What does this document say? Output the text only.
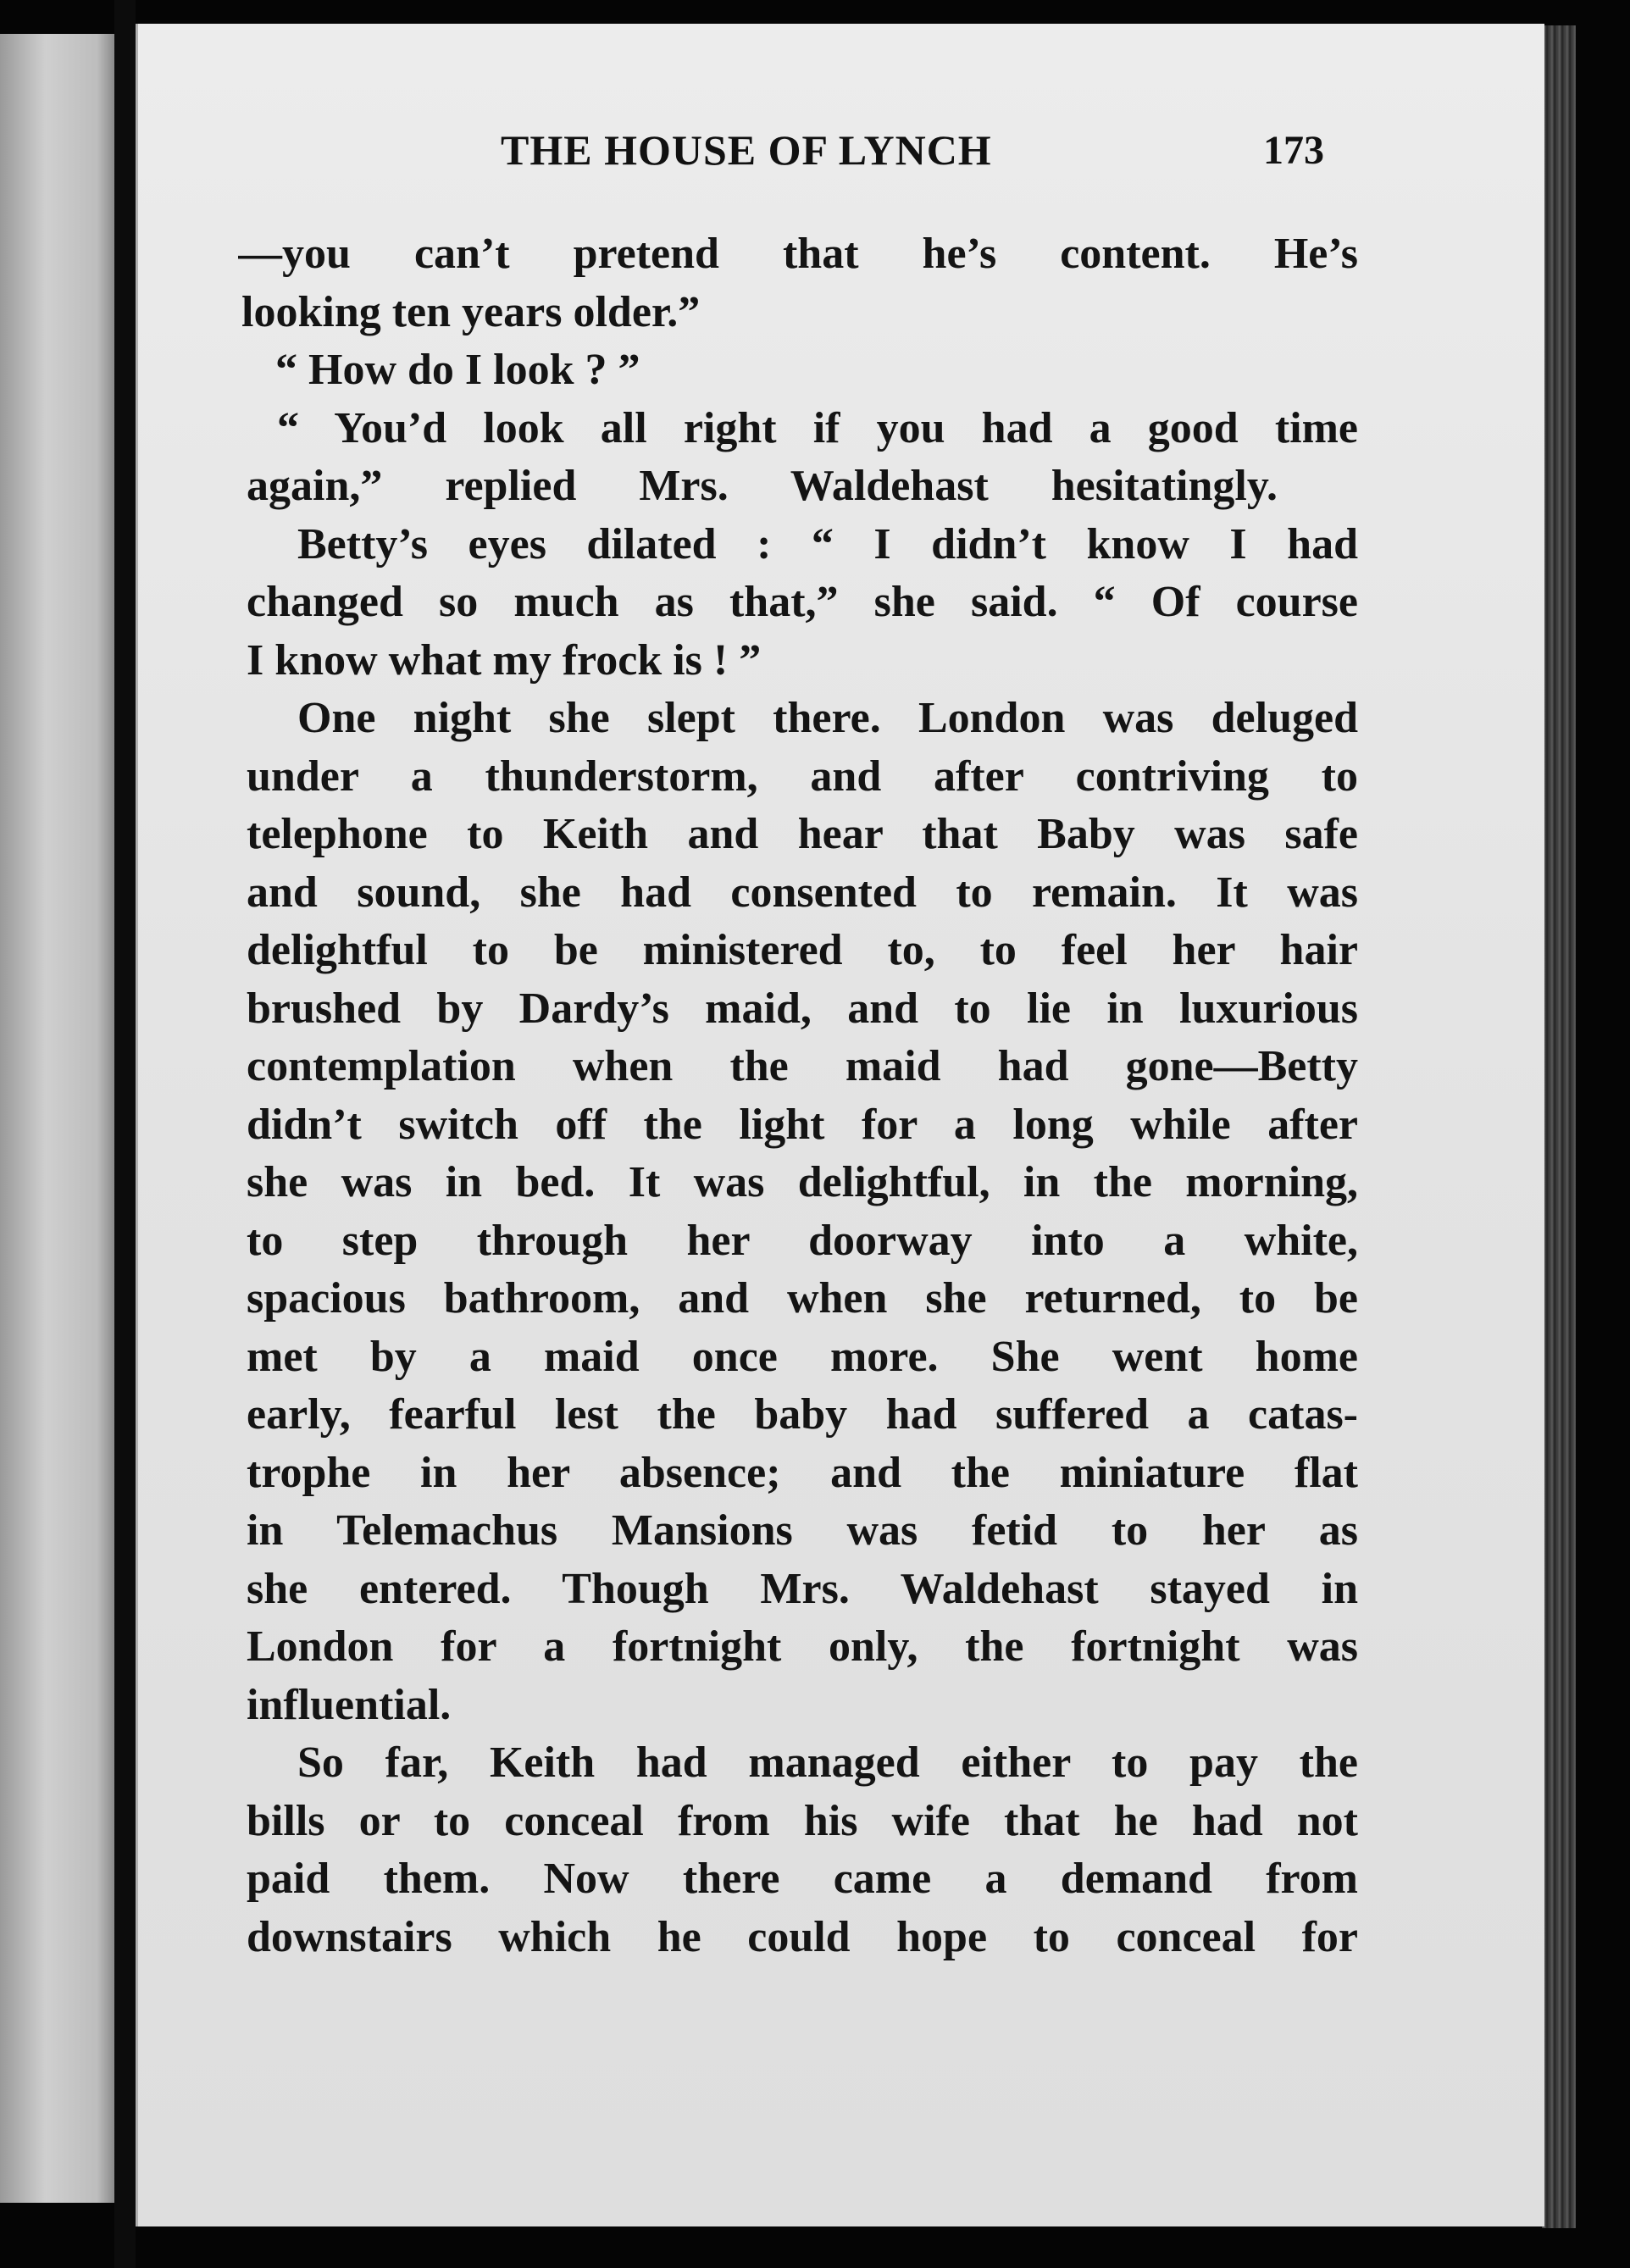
THE HOUSE OF LYNCH	173
—you can’t pretend that he’s content. He’s
looking ten years older.”
“ How do I look ? ”
“ You’d look all right if you had a good time
again,” replied Mrs. Waldehast hesitatingly.
Betty’s eyes dilated : “ I didn’t know I had
changed so much as that,” she said. “ Of course
I know what my frock is ! ”
One night she slept there. London was deluged
under a thunderstorm, and after contriving to
telephone to Keith and hear that Baby was safe
and sound, she had consented to remain. It was
delightful to be ministered to, to feel her hair
brushed by Dardy’s maid, and to lie in luxurious
contemplation when the maid had gone—Betty
didn’t switch off the light for a long while after
she was in bed. It was delightful, in the morning,
to step through her doorway into a white,
spacious bathroom, and when she returned, to be
met by a maid once more. She went home
early, fearful lest the baby had suffered a catas-
trophe in her absence; and the miniature flat
in Telemachus Mansions was fetid to her as
she entered. Though Mrs. Waldehast stayed in
London for a fortnight only, the fortnight was
influential.
So far, Keith had managed either to pay the
bills or to conceal from his wife that he had not
paid them. Now there came a demand from
downstairs which he could hope to conceal for
